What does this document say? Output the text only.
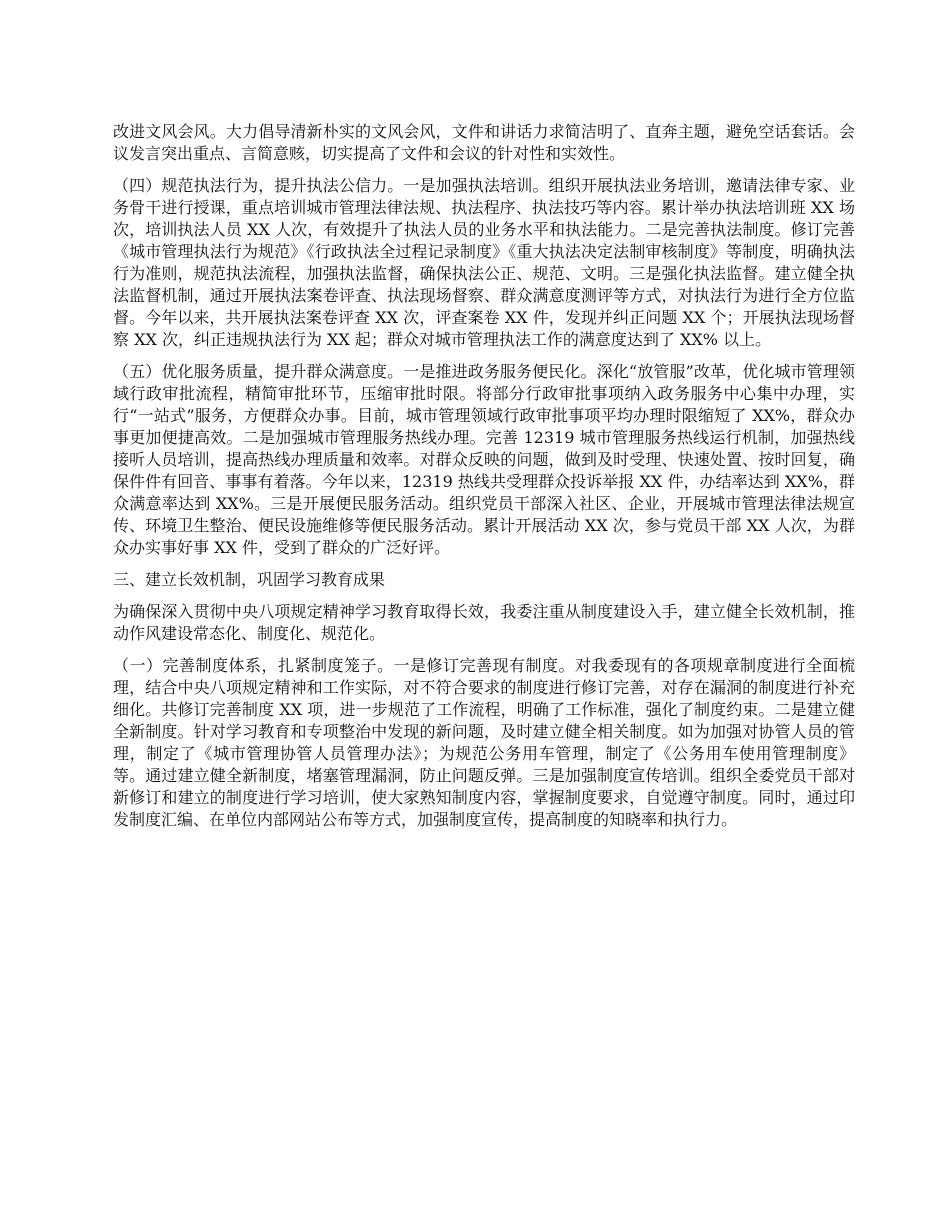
改进文风会风。大力倡导清新朴实的文风会风，文件和讲话力求简洁明了、直奔主题，避免空话套话。会议发言突出重点、言简意赅，切实提高了文件和会议的针对性和实效性。

（四）规范执法行为，提升执法公信力。一是加强执法培训。组织开展执法业务培训，邀请法律专家、业务骨干进行授课，重点培训城市管理法律法规、执法程序、执法技巧等内容。累计举办执法培训班 XX 场次，培训执法人员 XX 人次，有效提升了执法人员的业务水平和执法能力。二是完善执法制度。修订完善《城市管理执法行为规范》《行政执法全过程记录制度》《重大执法决定法制审核制度》等制度，明确执法行为准则，规范执法流程，加强执法监督，确保执法公正、规范、文明。三是强化执法监督。建立健全执法监督机制，通过开展执法案卷评查、执法现场督察、群众满意度测评等方式，对执法行为进行全方位监督。今年以来，共开展执法案卷评查 XX 次，评查案卷 XX 件，发现并纠正问题 XX 个；开展执法现场督察 XX 次，纠正违规执法行为 XX 起；群众对城市管理执法工作的满意度达到了 XX% 以上。

（五）优化服务质量，提升群众满意度。一是推进政务服务便民化。深化“放管服”改革，优化城市管理领域行政审批流程，精简审批环节，压缩审批时限。将部分行政审批事项纳入政务服务中心集中办理，实行“一站式”服务，方便群众办事。目前，城市管理领域行政审批事项平均办理时限缩短了 XX%，群众办事更加便捷高效。二是加强城市管理服务热线办理。完善 12319 城市管理服务热线运行机制，加强热线接听人员培训，提高热线办理质量和效率。对群众反映的问题，做到及时受理、快速处置、按时回复，确保件件有回音、事事有着落。今年以来，12319 热线共受理群众投诉举报 XX 件，办结率达到 XX%，群众满意率达到 XX%。三是开展便民服务活动。组织党员干部深入社区、企业，开展城市管理法律法规宣传、环境卫生整治、便民设施维修等便民服务活动。累计开展活动 XX 次，参与党员干部 XX 人次，为群众办实事好事 XX 件，受到了群众的广泛好评。

三、建立长效机制，巩固学习教育成果

为确保深入贯彻中央八项规定精神学习教育取得长效，我委注重从制度建设入手，建立健全长效机制，推动作风建设常态化、制度化、规范化。

（一）完善制度体系，扎紧制度笼子。一是修订完善现有制度。对我委现有的各项规章制度进行全面梳理，结合中央八项规定精神和工作实际，对不符合要求的制度进行修订完善，对存在漏洞的制度进行补充细化。共修订完善制度 XX 项，进一步规范了工作流程，明确了工作标准，强化了制度约束。二是建立健全新制度。针对学习教育和专项整治中发现的新问题，及时建立健全相关制度。如为加强对协管人员的管理，制定了《城市管理协管人员管理办法》；为规范公务用车管理，制定了《公务用车使用管理制度》等。通过建立健全新制度，堵塞管理漏洞，防止问题反弹。三是加强制度宣传培训。组织全委党员干部对新修订和建立的制度进行学习培训，使大家熟知制度内容，掌握制度要求，自觉遵守制度。同时，通过印发制度汇编、在单位内部网站公布等方式，加强制度宣传，提高制度的知晓率和执行力。
